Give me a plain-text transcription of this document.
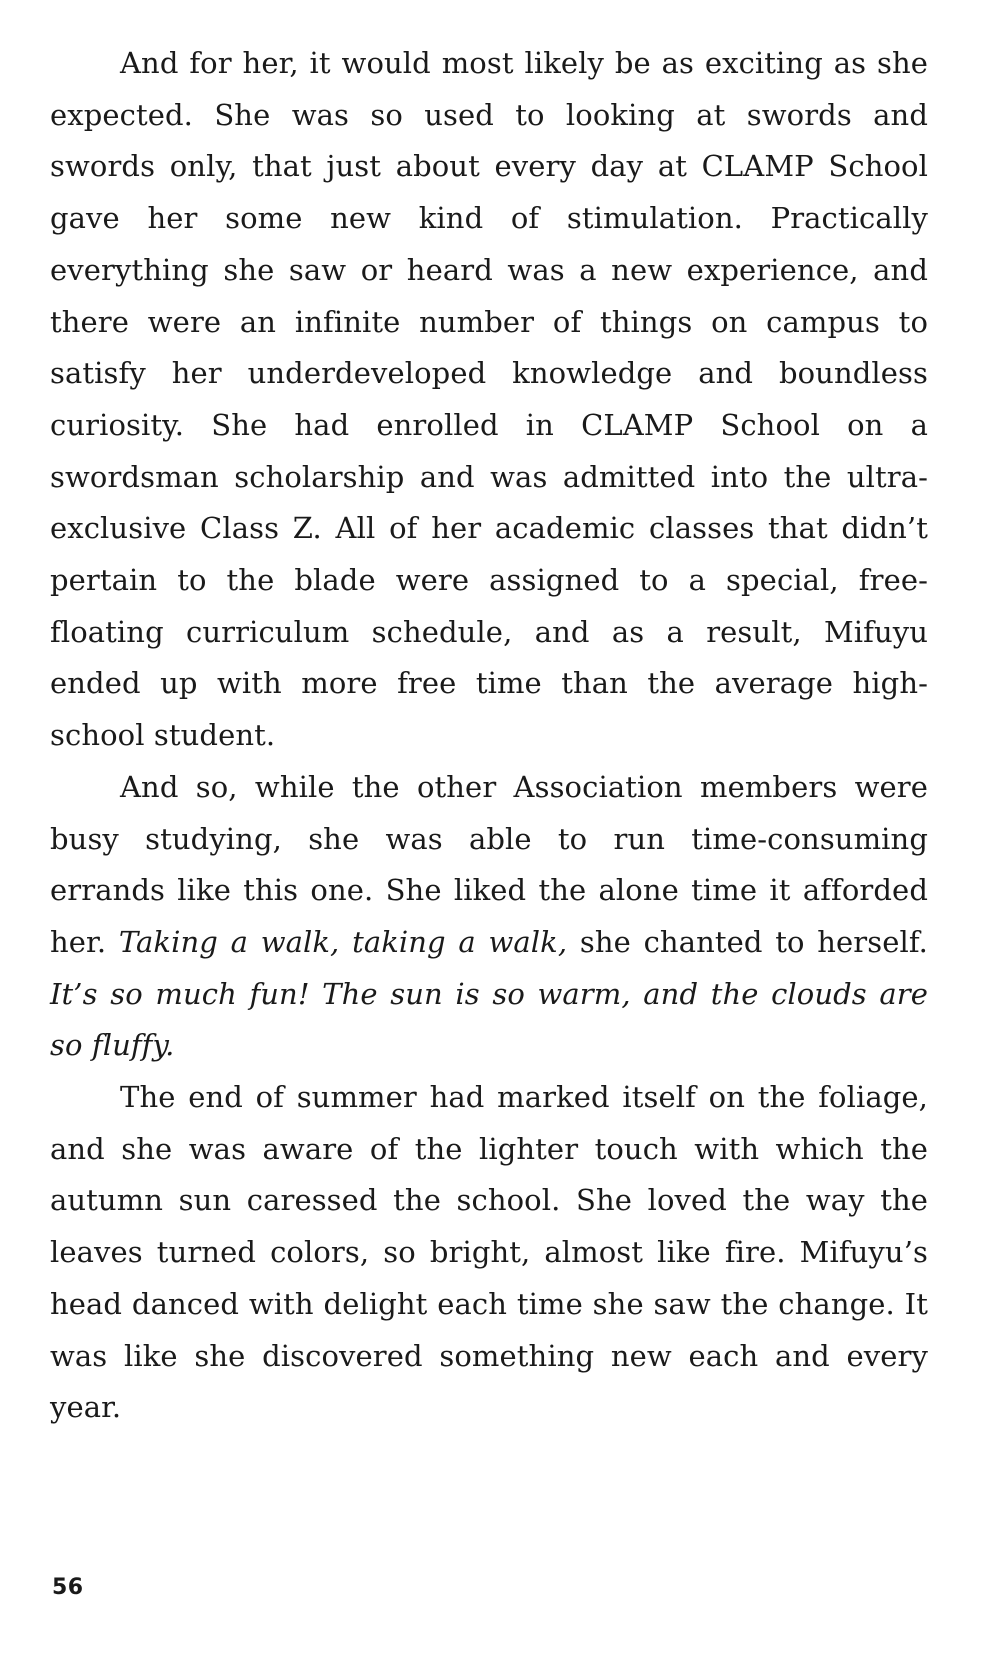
And for her, it would most likely be as exciting as she expected. She was so used to looking at swords and swords only, that just about every day at CLAMP School gave her some new kind of stimulation. Practically everything she saw or heard was a new experience, and there were an infinite number of things on campus to satisfy her underdeveloped knowledge and boundless curiosity. She had enrolled in CLAMP School on a swordsman scholarship and was admitted into the ultra-exclusive Class Z. All of her academic classes that didn’t pertain to the blade were assigned to a special, free-floating curriculum schedule, and as a result, Mifuyu ended up with more free time than the average high-school student.

And so, while the other Association members were busy studying, she was able to run time-consuming errands like this one. She liked the alone time it afforded her. Taking a walk, taking a walk, she chanted to herself. It’s so much fun! The sun is so warm, and the clouds are so fluffy.

The end of summer had marked itself on the foliage, and she was aware of the lighter touch with which the autumn sun caressed the school. She loved the way the leaves turned colors, so bright, almost like fire. Mifuyu’s head danced with delight each time she saw the change. It was like she discovered something new each and every year.

56
